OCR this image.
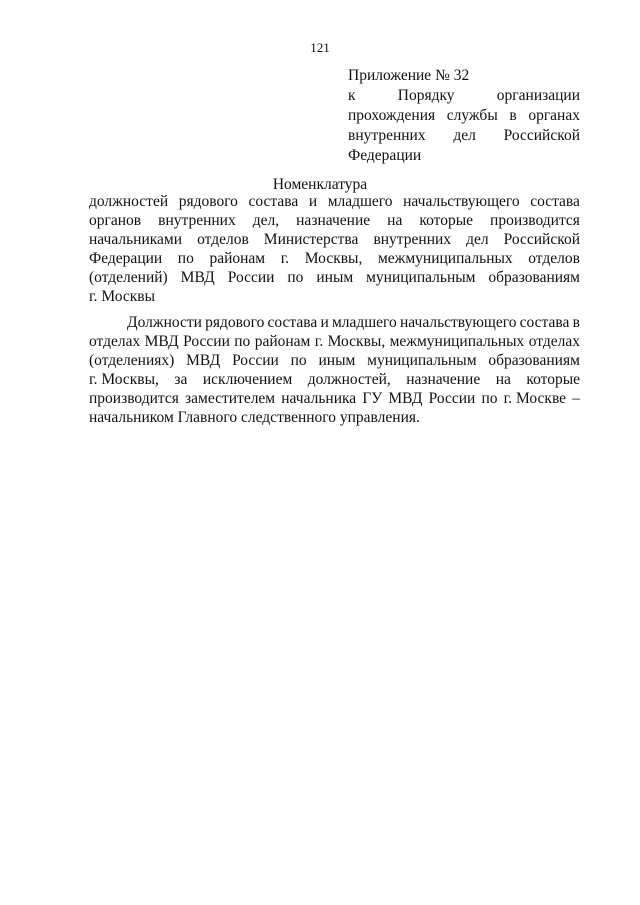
121
Приложение № 32
к	Порядку	организации
прохождения службы в органах
внутренних дел Российской
Федерации
Номенклатура
должностей рядового состава и младшего начальствующего состава
органов внутренних дел, назначение на которые производится
начальниками отделов Министерства внутренних дел Российской
Федерации по районам г. Москвы, межмуниципальных отделов
(отделений) МВД России по иным муниципальным образованиям
г. Москвы
Должности рядового состава и младшего начальствующего состава в
отделах МВД России по районам г. Москвы, межмуниципальных отделах
(отделениях) МВД России по иным муниципальным образованиям
г. Москвы, за исключением должностей, назначение на которые
производится заместителем начальника ГУ МВД России по г. Москве –
начальником Главного следственного управления.
